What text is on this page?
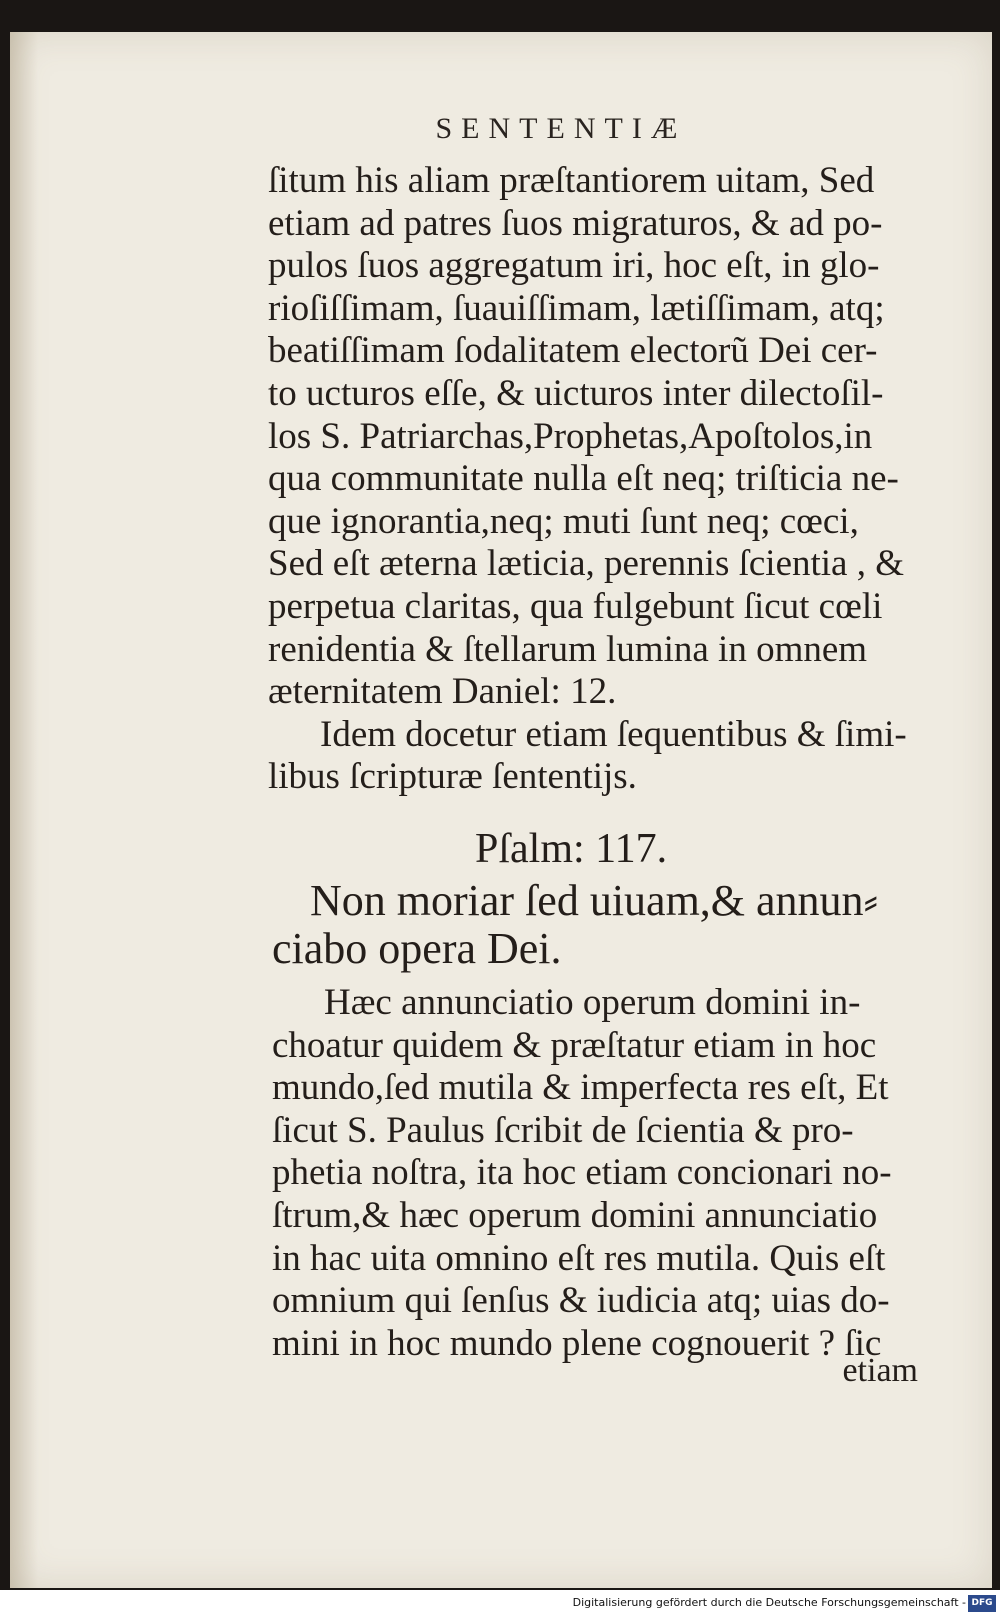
SENTENTIÆ
ſitum his aliam præſtantiorem uitam, Sed
etiam ad patres ſuos migraturos, & ad po-
pulos ſuos aggregatum iri, hoc eſt, in glo-
rioſiſſimam, ſuauiſſimam, lætiſſimam, atq;
beatiſſimam ſodalitatem electorũ Dei cer-
to ucturos eſſe, & uicturos inter dilectoſil-
los S. Patriarchas,Prophetas,Apoſtolos,in
qua communitate nulla eſt neq; triſticia ne-
que ignorantia,neq; muti ſunt neq; cœci,
Sed eſt æterna læticia, perennis ſcientia , &
perpetua claritas, qua fulgebunt ſicut cœli
renidentia & ſtellarum lumina in omnem
æternitatem Daniel: 12.
Idem docetur etiam ſequentibus & ſimi-
libus ſcripturæ ſententijs.
Pſalm: 117.
Non moriar ſed uiuam,& annun⸗
ciabo opera Dei.
Hæc annunciatio operum domini in-
choatur quidem & præſtatur etiam in hoc
mundo,ſed mutila & imperfecta res eſt, Et
ſicut S. Paulus ſcribit de ſcientia & pro-
phetia noſtra, ita hoc etiam concionari no-
ſtrum,& hæc operum domini annunciatio
in hac uita omnino eſt res mutila. Quis eſt
omnium qui ſenſus & iudicia atq; uias do-
mini in hoc mundo plene cognouerit ? ſic
etiam
Digitalisierung gefördert durch die Deutsche Forschungsgemeinschaft - DFG
